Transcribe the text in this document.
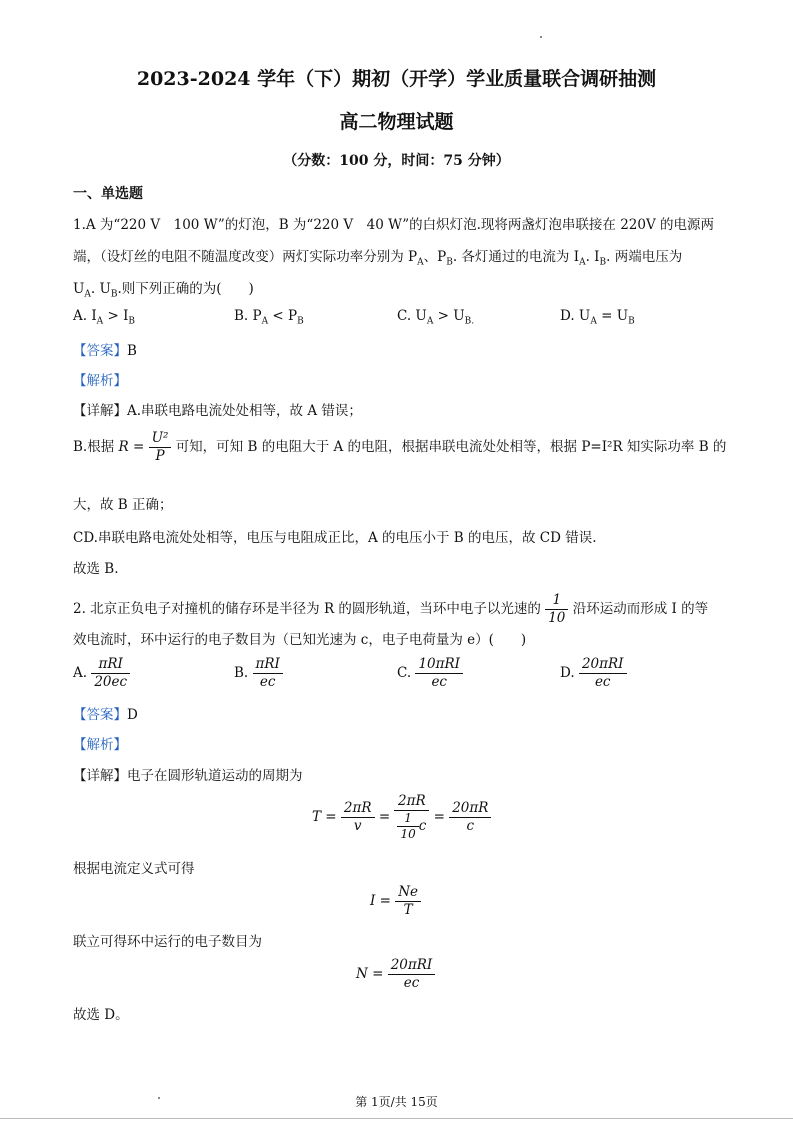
2023-2024 学年（下）期初（开学）学业质量联合调研抽测
高二物理试题
（分数：100 分，时间：75 分钟）
一、单选题
1.A 为“220 V　100 W”的灯泡，B 为“220 V　40 W”的白炽灯泡.现将两盏灯泡串联接在 220V 的电源两
端，（设灯丝的电阻不随温度改变）两灯实际功率分别为 $P_A$、$P_B$. 各灯通过的电流为 $I_A$. $I_B$. 两端电压为
$U_A$. $U_B$.则下列正确的为(　　)
A. $I_A > I_B$	B. $P_A < P_B$	C. $U_A > U_{B.}$	D. $U_A = U_B$
【答案】B
【解析】
【详解】A.串联电路电流处处相等，故 A 错误；
B.根据 $R = \frac{\text{U²}}{P}$ 可知，可知 B 的电阻大于 A 的电阻，根据串联电流处处相等，根据 P=I²R 知实际功率 B 的
大，故 B 正确；
CD.串联电路电流处处相等，电压与电阻成正比，A 的电压小于 B 的电压，故 CD 错误.
故选 B.
2. 北京正负电子对撞机的储存环是半径为 R 的圆形轨道，当环中电子以光速的 $\frac{1}{10}$ 沿环运动而形成 I 的等
效电流时，环中运行的电子数目为（已知光速为 c，电子电荷量为 e）(　　)
A. $\frac{\text{πRI}}{20ec}$	B. $\frac{\text{πRI}}{ec}$	C. $\frac{\text{10πRI}}{ec}$	D. $\frac{\text{20πRI}}{ec}$
【答案】D
【解析】
【详解】电子在圆形轨道运动的周期为
$T = \frac{2\pi R}{v} = \frac{2\pi R}{\frac{1}{10} c} = \frac{20\pi R}{c}$
根据电流定义式可得
$I = \frac{Ne}{T}$
联立可得环中运行的电子数目为
$N = \frac{\text{20πRI}}{ec}$
故选 D。
第 1页/共 15页
